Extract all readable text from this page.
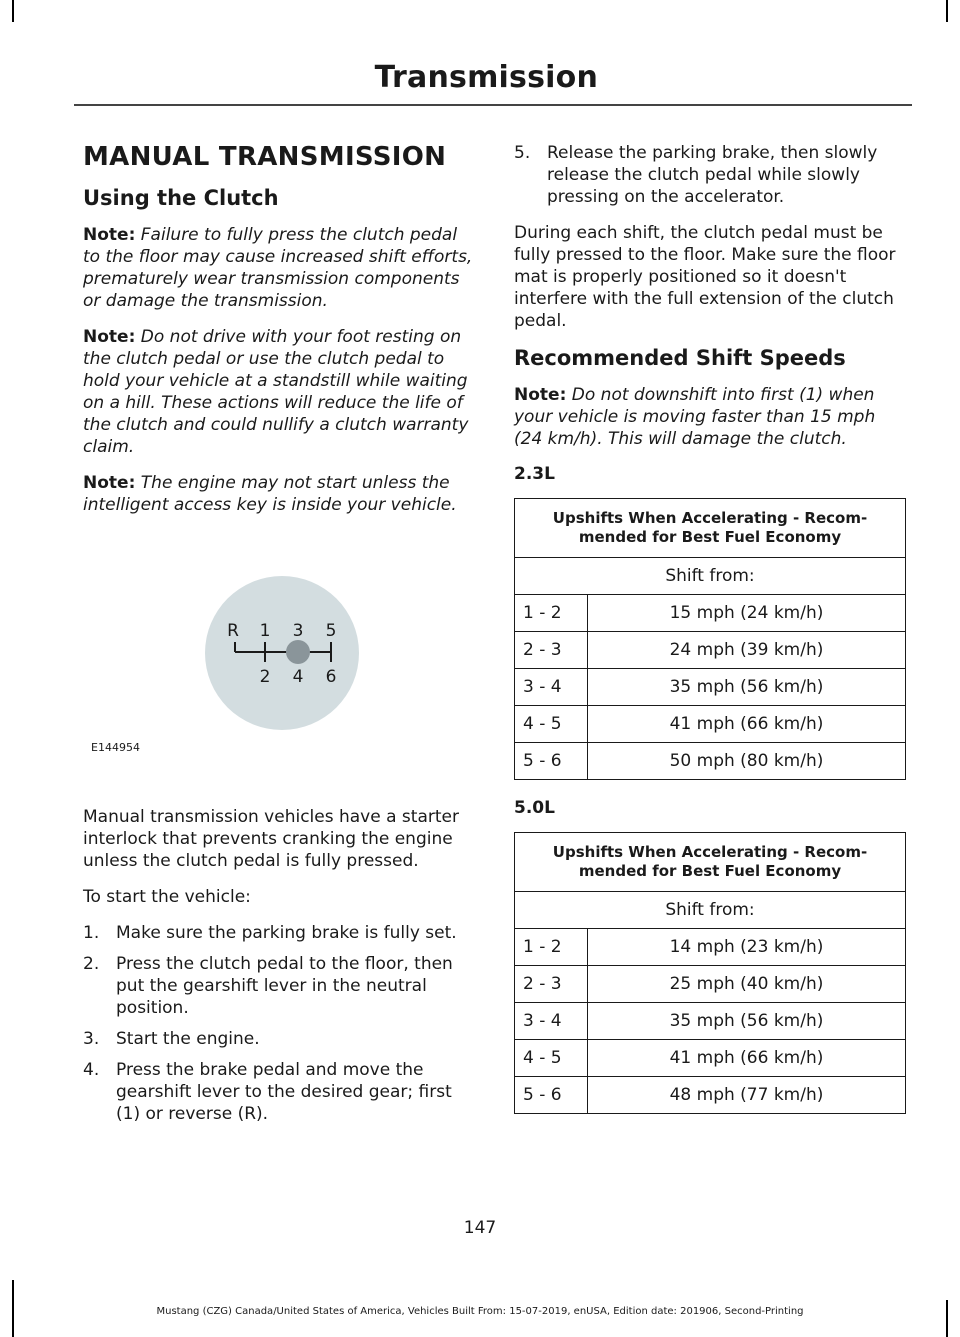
Transmission
MANUAL TRANSMISSION
Using the Clutch

Note: Failure to fully press the clutch pedal to the floor may cause increased shift efforts, prematurely wear transmission components or damage the transmission.

Note: Do not drive with your foot resting on the clutch pedal or use the clutch pedal to hold your vehicle at a standstill while waiting on a hill. These actions will reduce the life of the clutch and could nullify a clutch warranty claim.

Note: The engine may not start unless the intelligent access key is inside your vehicle.

R 1 3 5
2 4 6
E144954

Manual transmission vehicles have a starter interlock that prevents cranking the engine unless the clutch pedal is fully pressed.

To start the vehicle:

1. Make sure the parking brake is fully set.
2. Press the clutch pedal to the floor, then put the gearshift lever in the neutral position.
3. Start the engine.
4. Press the brake pedal and move the gearshift lever to the desired gear; first (1) or reverse (R).
5. Release the parking brake, then slowly release the clutch pedal while slowly pressing on the accelerator.

During each shift, the clutch pedal must be fully pressed to the floor. Make sure the floor mat is properly positioned so it doesn't interfere with the full extension of the clutch pedal.

Recommended Shift Speeds

Note: Do not downshift into first (1) when your vehicle is moving faster than 15 mph (24 km/h). This will damage the clutch.

2.3L
Upshifts When Accelerating - Recom-mended for Best Fuel Economy	
Shift from:	
1 - 2	15 mph (24 km/h)
2 - 3	24 mph (39 km/h)
3 - 4	35 mph (56 km/h)
4 - 5	41 mph (66 km/h)
5 - 6	50 mph (80 km/h)
5.0L
Upshifts When Accelerating - Recom-mended for Best Fuel Economy	
Shift from:	
1 - 2	14 mph (23 km/h)
2 - 3	25 mph (40 km/h)
3 - 4	35 mph (56 km/h)
4 - 5	41 mph (66 km/h)
5 - 6	48 mph (77 km/h)
147
Mustang (CZG) Canada/United States of America, Vehicles Built From: 15-07-2019, enUSA, Edition date: 201906, Second-Printing
